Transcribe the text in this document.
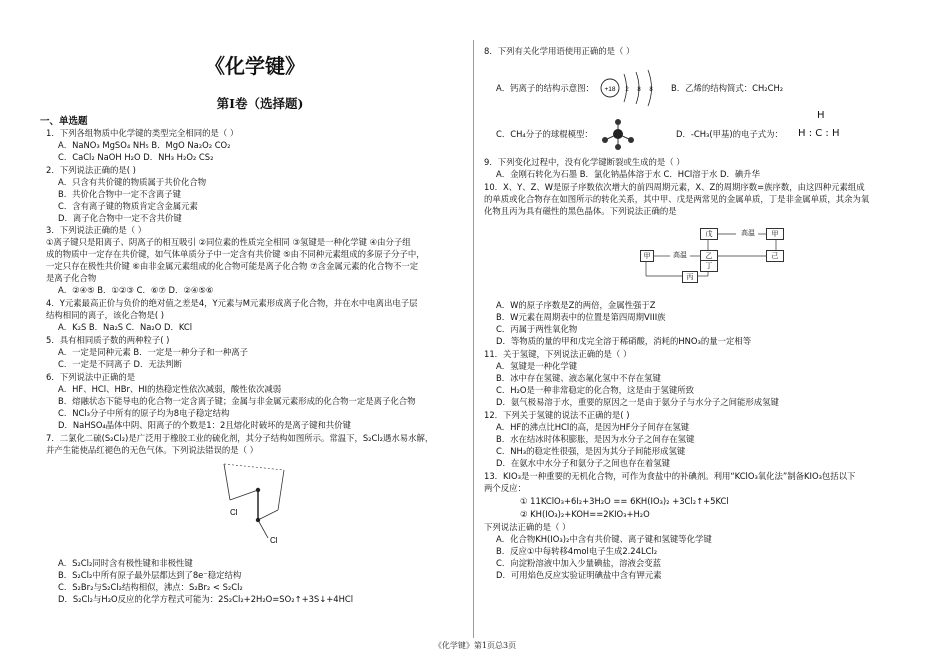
《化学键》
第Ⅰ卷（选择题)
一、单选题
1．下列各组物质中化学键的类型完全相同的是（ ）
A．NaNO₃ MgSO₄ NH₅ B．MgO Na₂O₂ CO₂
C．CaCl₂ NaOH H₂O D．NH₃ H₂O₂ CS₂
2．下列说法正确的是( )
A．只含有共价键的物质属于共价化合物
B．共价化合物中一定不含离子键
C．含有离子键的物质肯定含金属元素
D．离子化合物中一定不含共价键
3．下列说法正确的是（ ）
①离子键只是阳离子、阴离子的相互吸引 ②同位素的性质完全相同 ③氢键是一种化学键 ④由分子组
成的物质中一定存在共价键，如气体单质分子中一定含有共价键 ⑤由不同种元素组成的多原子分子中，
一定只存在极性共价键 ⑥由非金属元素组成的化合物可能是离子化合物 ⑦含金属元素的化合物不一定
是离子化合物
A．②④⑤ B．①②③ C．⑥⑦ D．②④⑤⑥
4．Y元素最高正价与负价的绝对值之差是4，Y元素与M元素形成离子化合物，并在水中电离出电子层
结构相同的离子，该化合物是( )
A．K₂S B．Na₂S C．Na₂O D．KCl
5．具有相同质子数的两种粒子( )
A．一定是同种元素 B．一定是一种分子和一种离子
C．一定是不同离子 D．无法判断
6．下列说法中正确的是
A．HF、HCl、HBr、HI的热稳定性依次减弱，酸性依次减弱
B．熔融状态下能导电的化合物一定含离子键；金属与非金属元素形成的化合物一定是离子化合物
C．NCl₃分子中所有的原子均为8电子稳定结构
D．NaHSO₄晶体中阴、阳离子的个数是1：2且熔化时破坏的是离子键和共价键
7．二氯化二硫(S₂Cl₂)是广泛用于橡胶工业的硫化剂，其分子结构如图所示。常温下，S₂Cl₂遇水易水解，
并产生能使品红褪色的无色气体。下列说法错误的是（ ）
Cl
Cl
A．S₂Cl₂同时含有极性键和非极性键
B．S₂Cl₂中所有原子最外层都达到了8e⁻稳定结构
C．S₂Br₂与S₂Cl₂结构相似，沸点：S₂Br₂ < S₂Cl₂
D．S₂Cl₂与H₂O反应的化学方程式可能为：2S₂Cl₂+2H₂O=SO₂↑+3S↓+4HCl
8．下列有关化学用语使用正确的是（ ）
A．钙离子的结构示意图： +18 2 8 8 B．乙烯的结构简式：CH₂CH₂
C．CH₄分子的球棍模型：	D．-CH₃(甲基)的电子式为：
H
H : C : H
9．下列变化过程中，没有化学键断裂或生成的是（ ）
A．金刚石转化为石墨 B．氯化钠晶体溶于水 C．HCl溶于水 D．碘升华
10．X、Y、Z、W是原子序数依次增大的前四周期元素，X、Z的周期序数=族序数，由这四种元素组成
的单质或化合物存在如图所示的转化关系，其中甲、戊是两常见的金属单质，丁是非金属单质，其余为氧
化物且丙为具有磁性的黑色晶体。下列说法正确的是
戊	高温	甲
甲	高温	乙
丙
丁
己
A．W的原子序数是Z的两倍，金属性强于Z
B．W元素在周期表中的位置是第四周期VIII族
C．丙属于两性氧化物
D．等物质的量的甲和戊完全溶于稀硝酸，消耗的HNO₃的量一定相等
11．关于氢键，下列说法正确的是（ ）
A．氢键是一种化学键
B．冰中存在氢键、液态氟化氢中不存在氢键
C．H₂O是一种非常稳定的化合物，这是由于氢键所致
D．氨气极易溶于水，重要的原因之一是由于氨分子与水分子之间能形成氢键
12．下列关于氢键的说法不正确的是( )
A．HF的沸点比HCl的高，是因为HF分子间存在氢键
B．水在结冰时体积膨胀，是因为水分子之间存在氢键
C．NH₃的稳定性很强，是因为其分子间能形成氢键
D．在氨水中水分子和氨分子之间也存在着氢键
13．KIO₃是一种重要的无机化合物，可作为食盐中的补碘剂。利用“KClO₃氧化法”制备KIO₃包括以下
两个反应：
① 11KClO₃+6I₂+3H₂O == 6KH(IO₃)₂ +3Cl₂↑+5KCl
② KH(IO₃)₂+KOH==2KIO₃+H₂O
下列说法正确的是（ ）
A．化合物KH(IO₃)₂中含有共价键、离子键和氢键等化学键
B．反应①中每转移4mol电子生成2.24LCl₂
C．向淀粉溶液中加入少量碘盐，溶液会变蓝
D．可用焰色反应实验证明碘盐中含有钾元素
《化学键》第1页总3页
